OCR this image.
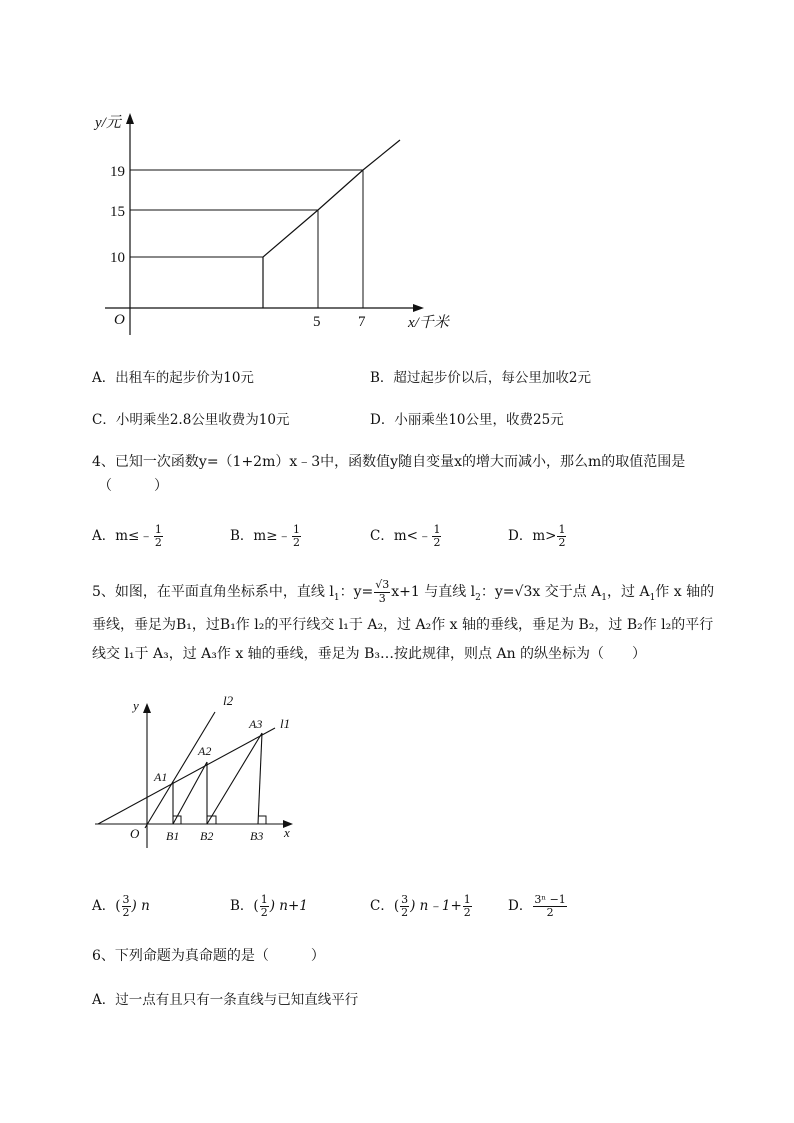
y/元
x/千米
O
19
15
10
5	7
A．出租车的起步价为10元	B．超过起步价以后，每公里加收2元
C．小明乘坐2.8公里收费为10元	D．小丽乘坐10公里，收费25元
4、已知一次函数y=（1+2m）x﹣3中，函数值y随自变量x的增大而减小，那么m的取值范围是
（　　　）
A．m≤﹣ $\frac{1}{2}$	B．m≥﹣ $\frac{1}{2}$	C．m<﹣ $\frac{1}{2}$	D．$m> \frac{1}{2}$
5、如图，在平面直角坐标系中，直线 $l_1$：$y= \frac{√3}{3} x+1$ 与直线 $l_2$：y=√3x 交于点 $A_1$，过 $A_1$作 x 轴的
垂线，垂足为B₁，过B₁作 l₂的平行线交 l₁于 A₂，过 A₂作 x 轴的垂线，垂足为 B₂，过 B₂作 l₂的平行
线交 l₁于 A₃，过 A₃作 x 轴的垂线，垂足为 B₃…按此规律，则点 An 的纵坐标为（　　）
y
x
O
l1
l2
A1
A2
A3
B1 B2	B3
A．( $\frac{3}{2}$ ) n	B．( $\frac{1}{2}$ ) n+1	C．( $\frac{3}{2}$ ) n﹣1+ $\frac{1}{2}$	D． $\frac{\text{3ⁿ −1}}{2}$
6、下列命题为真命题的是（　　　）
A．过一点有且只有一条直线与已知直线平行
